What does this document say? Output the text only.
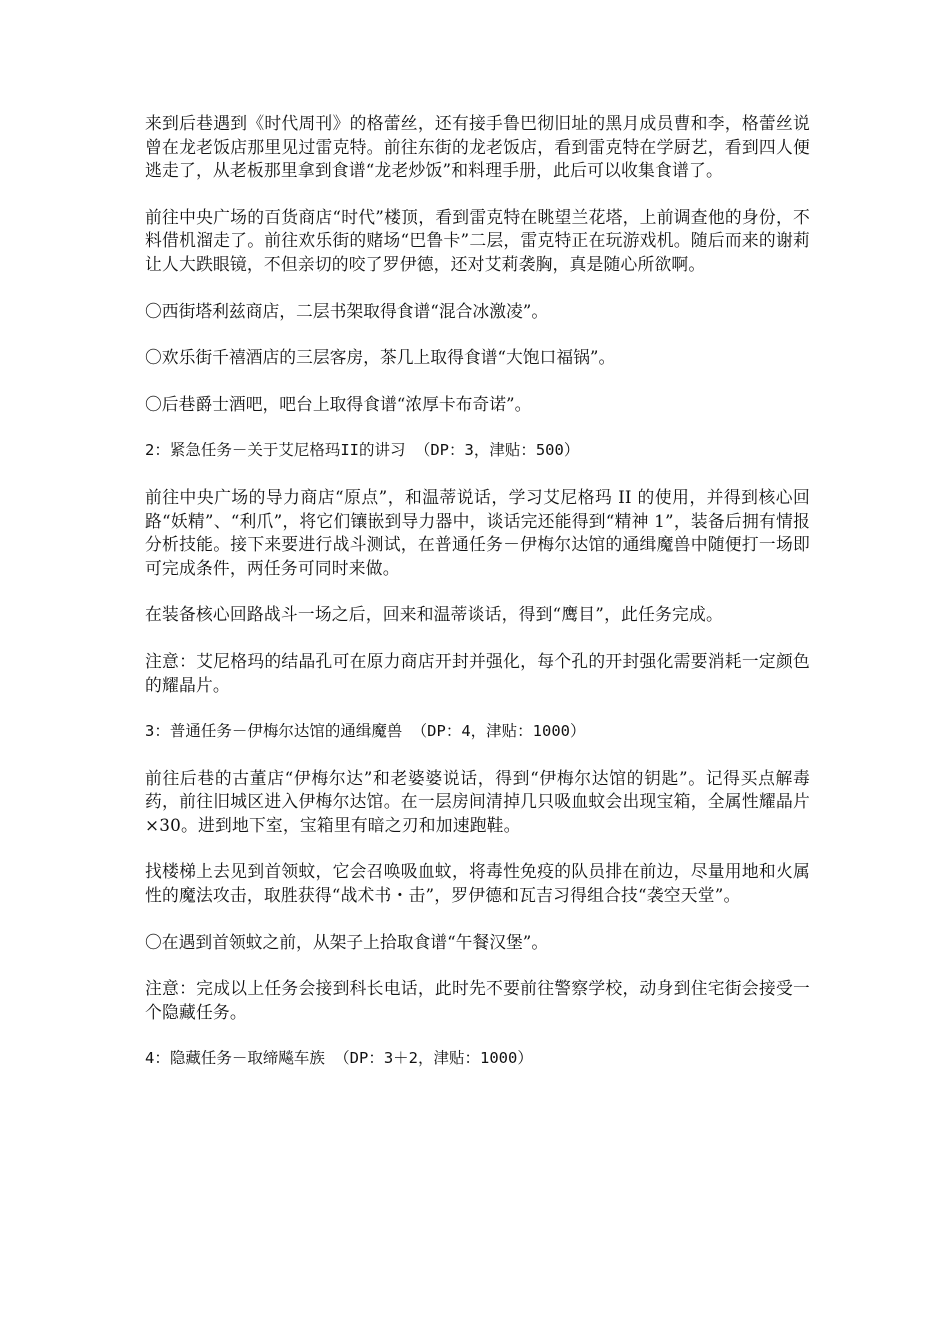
来到后巷遇到《时代周刊》的格蕾丝，还有接手鲁巴彻旧址的黑月成员曹和李，格蕾丝说曾在龙老饭店那里见过雷克特。前往东街的龙老饭店，看到雷克特在学厨艺，看到四人便逃走了，从老板那里拿到食谱“龙老炒饭”和料理手册，此后可以收集食谱了。

前往中央广场的百货商店“时代”楼顶，看到雷克特在眺望兰花塔，上前调查他的身份，不料借机溜走了。前往欢乐街的赌场“巴鲁卡”二层，雷克特正在玩游戏机。随后而来的谢莉让人大跌眼镜，不但亲切的咬了罗伊德，还对艾莉袭胸，真是随心所欲啊。

〇西街塔利兹商店，二层书架取得食谱“混合冰激凌”。

〇欢乐街千禧酒店的三层客房，茶几上取得食谱“大饱口福锅”。

〇后巷爵士酒吧，吧台上取得食谱“浓厚卡布奇诺”。

2：紧急任务－关于艾尼格玛II的讲习 （DP：3，津贴：500）

前往中央广场的导力商店“原点”，和温蒂说话，学习艾尼格玛 II 的使用，并得到核心回路“妖精”、“利爪”，将它们镶嵌到导力器中，谈话完还能得到“精神 1”，装备后拥有情报分析技能。接下来要进行战斗测试，在普通任务－伊梅尔达馆的通缉魔兽中随便打一场即可完成条件，两任务可同时来做。

在装备核心回路战斗一场之后，回来和温蒂谈话，得到“鹰目”，此任务完成。

注意：艾尼格玛的结晶孔可在原力商店开封并强化，每个孔的开封强化需要消耗一定颜色的耀晶片。

3：普通任务－伊梅尔达馆的通缉魔兽 （DP：4，津贴：1000）

前往后巷的古董店“伊梅尔达”和老婆婆说话，得到“伊梅尔达馆的钥匙”。记得买点解毒药，前往旧城区进入伊梅尔达馆。在一层房间清掉几只吸血蚊会出现宝箱，全属性耀晶片×30。进到地下室，宝箱里有暗之刃和加速跑鞋。

找楼梯上去见到首领蚊，它会召唤吸血蚊，将毒性免疫的队员排在前边，尽量用地和火属性的魔法攻击，取胜获得“战术书・击”，罗伊德和瓦吉习得组合技“袭空天堂”。

〇在遇到首领蚊之前，从架子上拾取食谱“午餐汉堡”。

注意：完成以上任务会接到科长电话，此时先不要前往警察学校，动身到住宅街会接受一个隐藏任务。

4：隐藏任务－取缔飚车族 （DP：3＋2，津贴：1000）
